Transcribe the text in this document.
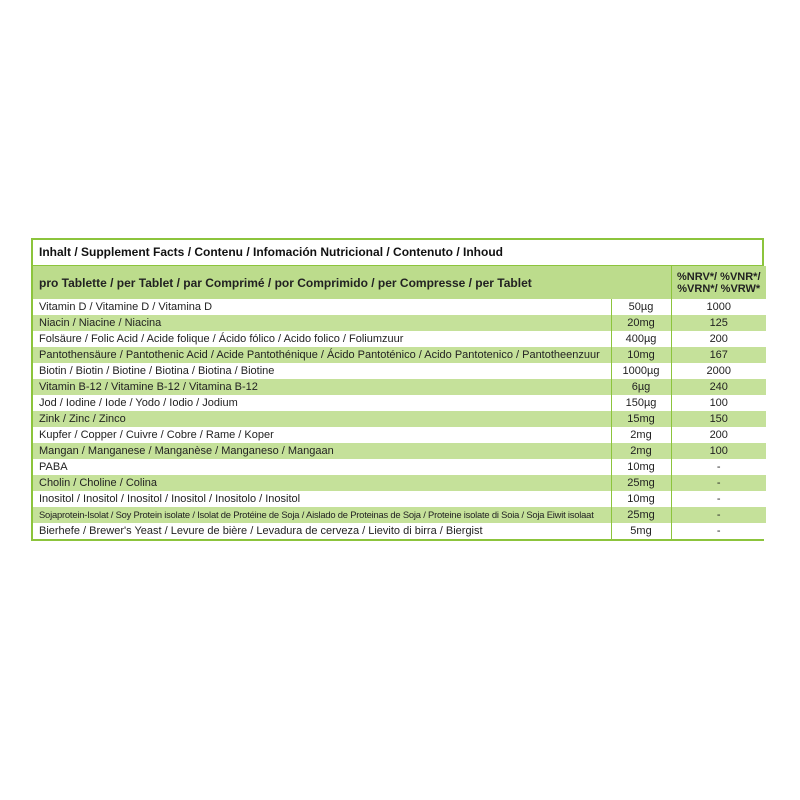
Inhalt / Supplement Facts / Contenu / Infomación Nutricional / Contenuto / Inhoud
pro Tablette / per Tablet / par Comprimé / por Comprimido / per Compresse / per Tablet		%NRV*/ %VNR*/
%VRN*/ %VRW*

Vitamin D / Vitamine D / Vitamina D	50µg	1000
Niacin / Niacine / Niacina	20mg	125
Folsäure / Folic Acid / Acide folique / Ácido fólico / Acido folico / Foliumzuur	400µg	200
Pantothensäure / Pantothenic Acid / Acide Pantothénique / Ácido Pantoténico / Acido Pantotenico / Pantotheenzuur	10mg	167
Biotin / Biotin / Biotine / Biotina / Biotina / Biotine	1000µg	2000
Vitamin B-12 / Vitamine B-12 / Vitamina B-12	6µg	240
Jod / Iodine / Iode / Yodo / Iodio / Jodium	150µg	100
Zink / Zinc / Zinco	15mg	150
Kupfer / Copper / Cuivre / Cobre / Rame / Koper	2mg	200
Mangan / Manganese / Manganèse / Manganeso / Mangaan	2mg	100
PABA	10mg	-
Cholin / Choline / Colina	25mg	-
Inositol / Inositol / Inositol / Inositol / Inositolo / Inositol	10mg	-
Sojaprotein-Isolat / Soy Protein isolate / Isolat de Protéine de Soja / Aislado de Proteinas de Soja / Proteine isolate di Soia / Soja Eiwit isolaat	25mg	-
Bierhefe / Brewer's Yeast / Levure de bière / Levadura de cerveza / Lievito di birra / Biergist	5mg	-
